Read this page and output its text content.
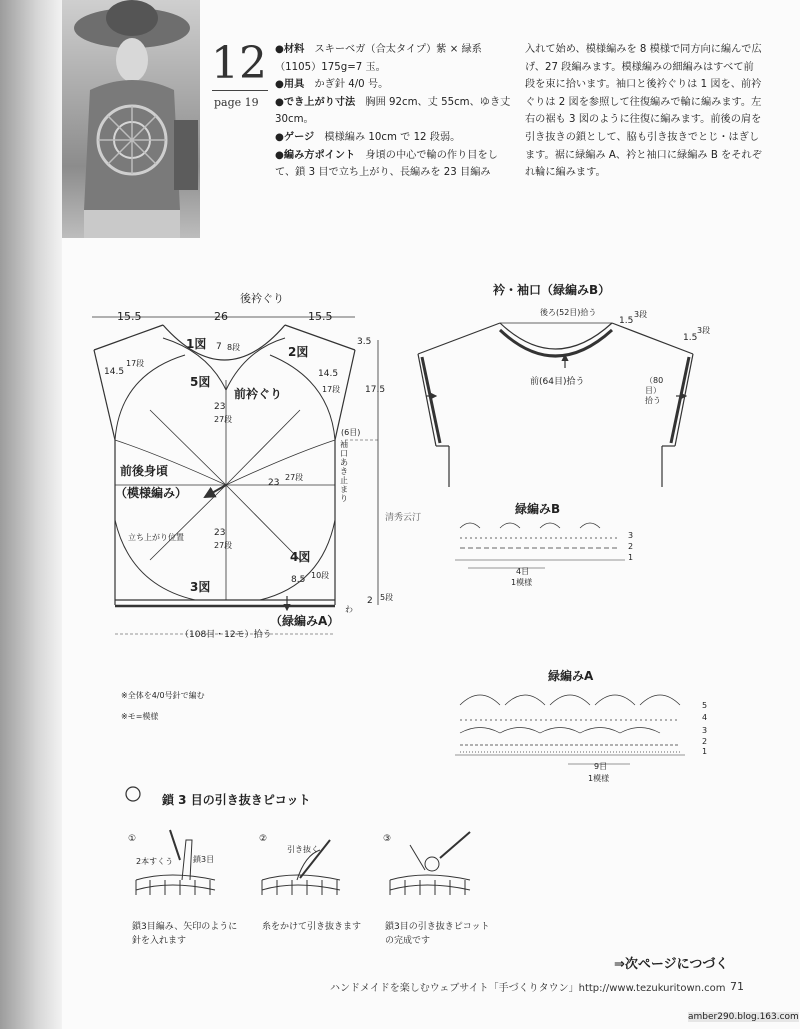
12
page 19

●材料　スキーベガ（合太タイプ）紫 × 緑系（1105）175g=7 玉。

●用具　かぎ針 4/0 号。

●でき上がり寸法　胸囲 92cm、丈 55cm、ゆき丈 30cm。

●ゲージ　模様編み 10cm で 12 段弱。

●編み方ポイント　身頃の中心で輪の作り目をして、鎖 3 目で立ち上がり、長編みを 23 目編み

入れて始め、模様編みを 8 模様で同方向に編んで広げ、27 段編みます。模様編みの細編みはすべて前段を束に拾います。袖口と後衿ぐりは 1 図を、前衿ぐりは 2 図を参照して往復編みで輪に編みます。左右の裾も 3 図のように往復に編みます。前後の肩を引き抜きの鎖として、脇も引き抜きでとじ・はぎします。裾に緑編み A、衿と袖口に緑編み B をそれぞれ輪に編みます。
後衿ぐり
15.5	26	15.5
1図
2図
5図
前衿ぐり
7 8段
14.5
17段
14.5
17段
3.5
17.5
(6目)
袖口あき止まり
23
27段
23
27段
23
27段
前後身頃
（模様編み）
立ち上がり位置
4図
3図	8.5 10段
2 5段
わ
（緑編みA）
（108目・12モ）拾う
清秀云汀
衿・袖口（緑編みB）
後ろ(52目)拾う
前(64目)拾う
1.5
3段
1.5
3段
（80目）拾う
緑編みB
3
2
1
4目
1模様
緑編みA
5
4
3
2
1
9目
1模様
※全体を4/0号針で編む
※モ=模様
鎖 3 目の引き抜きピコット
①
2本すくう 鎖3目
鎖3目編み、矢印のように針を入れます
②
引き抜く
糸をかけて引き抜きます
③
鎖3目の引き抜きピコットの完成です
⇒次ページにつづく
ハンドメイドを楽しむウェブサイト「手づくりタウン」http://www.tezukuritown.com 71
amber290.blog.163.com
